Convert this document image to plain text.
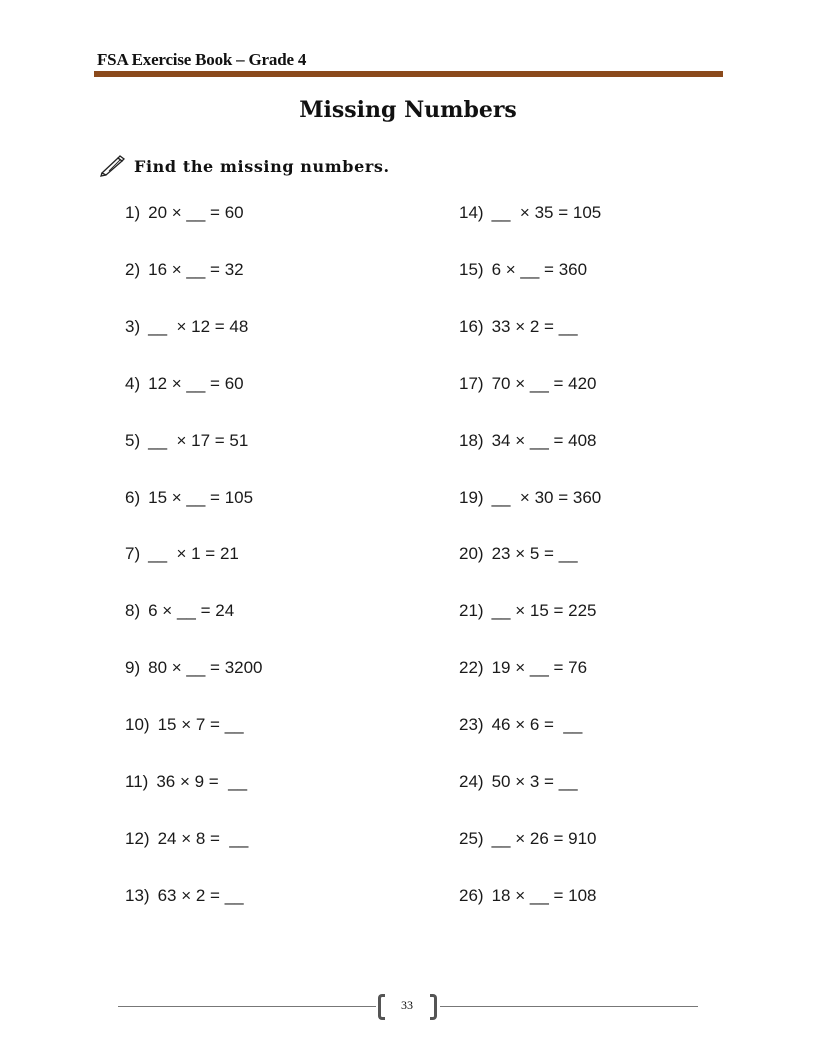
FSA Exercise Book – Grade 4
Missing Numbers
Find the missing numbers.
1) 20 × __ = 60
2) 16 × __ = 32
3) __  × 12 = 48
4) 12 × __ = 60
5) __  × 17 = 51
6) 15 × __ = 105
7) __  × 1 = 21
8) 6 × __ = 24
9) 80 × __ = 3200
10) 15 × 7 = __
11) 36 × 9 =  __
12) 24 × 8 =  __
13) 63 × 2 = __
14) __  × 35 = 105
15) 6 × __ = 360
16) 33 × 2 = __
17) 70 × __ = 420
18) 34 × __ = 408
19) __  × 30 = 360
20) 23 × 5 = __
21) __ × 15 = 225
22) 19 × __ = 76
23) 46 × 6 =  __
24) 50 × 3 = __
25) __ × 26 = 910
26) 18 × __ = 108
33
